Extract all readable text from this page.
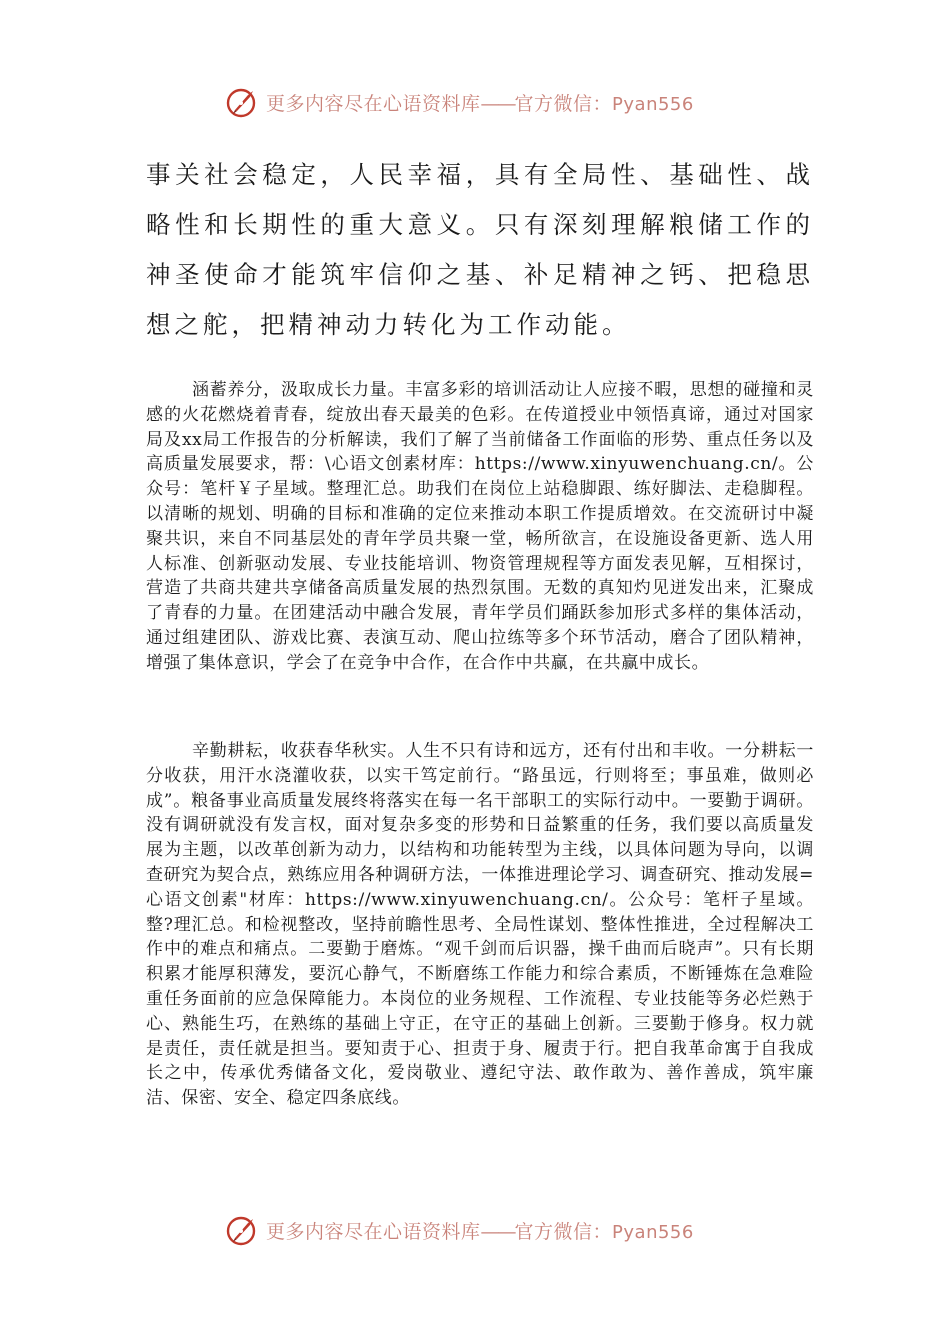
更多内容尽在心语资料库——官方微信：Pyan556

事关社会稳定，人民幸福，具有全局性、基础性、战略性和长期性的重大意义。只有深刻理解粮储工作的神圣使命才能筑牢信仰之基、补足精神之钙、把稳思想之舵，把精神动力转化为工作动能。

涵蓄养分，汲取成长力量。丰富多彩的培训活动让人应接不暇，思想的碰撞和灵感的火花燃烧着青春，绽放出春天最美的色彩。在传道授业中领悟真谛，通过对国家局及xx局工作报告的分析解读，我们了解了当前储备工作面临的形势、重点任务以及高质量发展要求，帮：\心语文创素材库：https://www.xinyuwenchuang.cn/。公众号：笔杆￥子星域。整理汇总。助我们在岗位上站稳脚跟、练好脚法、走稳脚程。以清晰的规划、明确的目标和准确的定位来推动本职工作提质增效。在交流研讨中凝聚共识，来自不同基层处的青年学员共聚一堂，畅所欲言，在设施设备更新、选人用人标准、创新驱动发展、专业技能培训、物资管理规程等方面发表见解，互相探讨，营造了共商共建共享储备高质量发展的热烈氛围。无数的真知灼见迸发出来，汇聚成了青春的力量。在团建活动中融合发展，青年学员们踊跃参加形式多样的集体活动，通过组建团队、游戏比赛、表演互动、爬山拉练等多个环节活动，磨合了团队精神，增强了集体意识，学会了在竞争中合作，在合作中共赢，在共赢中成长。

辛勤耕耘，收获春华秋实。人生不只有诗和远方，还有付出和丰收。一分耕耘一分收获，用汗水浇灌收获，以实干笃定前行。“路虽远，行则将至；事虽难，做则必成”。粮备事业高质量发展终将落实在每一名干部职工的实际行动中。一要勤于调研。没有调研就没有发言权，面对复杂多变的形势和日益繁重的任务，我们要以高质量发展为主题，以改革创新为动力，以结构和功能转型为主线，以具体问题为导向，以调查研究为契合点，熟练应用各种调研方法，一体推进理论学习、调查研究、推动发展=心语文创素"材库：https://www.xinyuwenchuang.cn/。公众号：笔杆子星域。整?理汇总。和检视整改，坚持前瞻性思考、全局性谋划、整体性推进，全过程解决工作中的难点和痛点。二要勤于磨炼。“观千剑而后识器，操千曲而后晓声”。只有长期积累才能厚积薄发，要沉心静气，不断磨练工作能力和综合素质，不断锤炼在急难险重任务面前的应急保障能力。本岗位的业务规程、工作流程、专业技能等务必烂熟于心、熟能生巧，在熟练的基础上守正，在守正的基础上创新。三要勤于修身。权力就是责任，责任就是担当。要知责于心、担责于身、履责于行。把自我革命寓于自我成长之中，传承优秀储备文化，爱岗敬业、遵纪守法、敢作敢为、善作善成，筑牢廉洁、保密、安全、稳定四条底线。

更多内容尽在心语资料库——官方微信：Pyan556
